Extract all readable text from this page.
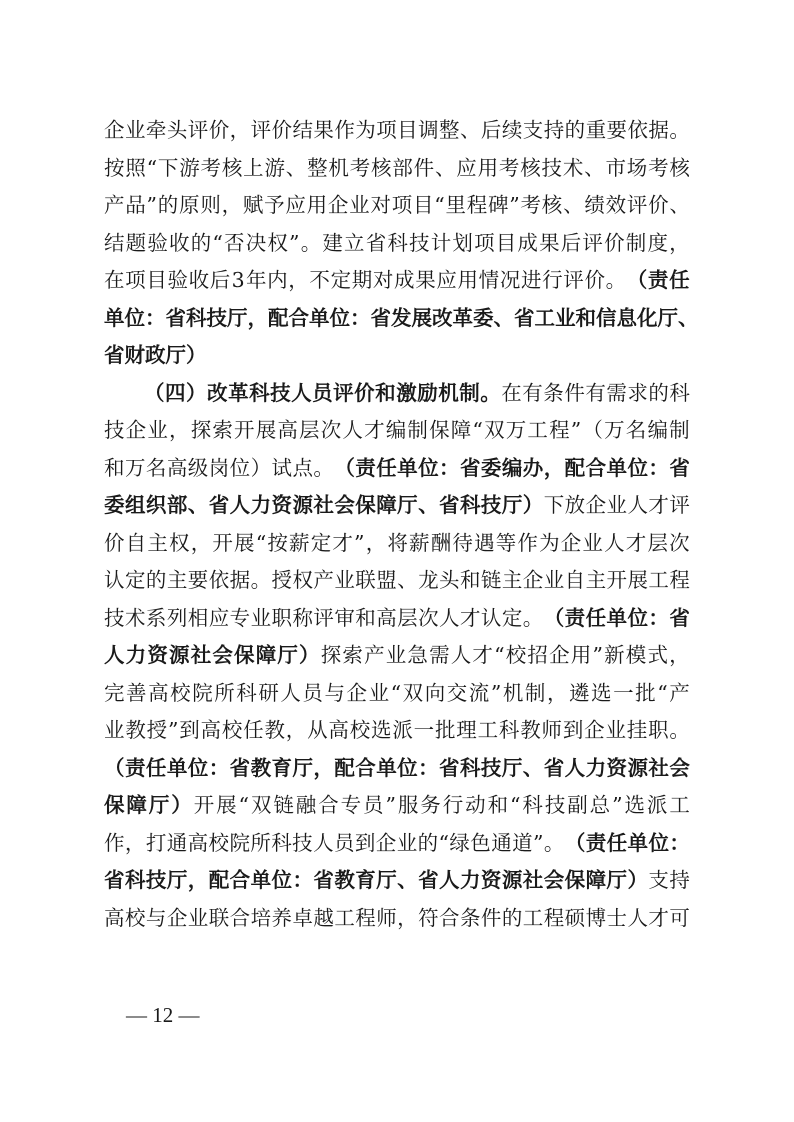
企 业 牵 头 评 价 ， 评 价 结 果 作 为 项 目 调 整 、 后 续 支 持 的 重 要 依 据 。
按 照 “ 下 游 考 核 上 游 、 整 机 考 核 部 件 、 应 用 考 核 技 术 、 市 场 考 核
产 品 ” 的 原 则 ， 赋 予 应 用 企 业 对 项 目 “ 里 程 碑 ” 考 核 、 绩 效 评 价 、
结 题 验 收 的 “ 否 决 权 ” 。 建 立 省 科 技 计 划 项 目 成 果 后 评 价 制 度 ，
在 项 目 验 收 后 3 年 内 ， 不 定 期 对 成 果 应 用 情 况 进 行 评 价 。 （ 责 任
单 位 ： 省 科 技 厅 ， 配 合 单 位 ： 省 发 展 改 革 委 、 省 工 业 和 信 息 化 厅 、
省 财 政 厅 ）
（ 四 ） 改 革 科 技 人 员 评 价 和 激 励 机 制 。 在 有 条 件 有 需 求 的 科
技 企 业 ， 探 索 开 展 高 层 次 人 才 编 制 保 障 “ 双 万 工 程 ” （ 万 名 编 制
和 万 名 高 级 岗 位 ） 试 点 。 （ 责 任 单 位 ： 省 委 编 办 ， 配 合 单 位 ： 省
委 组 织 部 、 省 人 力 资 源 社 会 保 障 厅 、 省 科 技 厅 ） 下 放 企 业 人 才 评
价 自 主 权 ， 开 展 “ 按 薪 定 才 ” ， 将 薪 酬 待 遇 等 作 为 企 业 人 才 层 次
认 定 的 主 要 依 据 。 授 权 产 业 联 盟 、 龙 头 和 链 主 企 业 自 主 开 展 工 程
技 术 系 列 相 应 专 业 职 称 评 审 和 高 层 次 人 才 认 定 。 （ 责 任 单 位 ： 省
人 力 资 源 社 会 保 障 厅 ） 探 索 产 业 急 需 人 才 “ 校 招 企 用 ” 新 模 式 ，
完 善 高 校 院 所 科 研 人 员 与 企 业 “ 双 向 交 流 ” 机 制 ， 遴 选 一 批 “ 产
业 教 授 ” 到 高 校 任 教 ， 从 高 校 选 派 一 批 理 工 科 教 师 到 企 业 挂 职 。
（ 责 任 单 位 ： 省 教 育 厅 ， 配 合 单 位 ： 省 科 技 厅 、 省 人 力 资 源 社 会
保 障 厅 ） 开 展 “ 双 链 融 合 专 员 ” 服 务 行 动 和 “ 科 技 副 总 ” 选 派 工
作 ， 打 通 高 校 院 所 科 技 人 员 到 企 业 的 “ 绿 色 通 道 ” 。 （ 责 任 单 位 ：
省 科 技 厅 ， 配 合 单 位 ： 省 教 育 厅 、 省 人 力 资 源 社 会 保 障 厅 ） 支 持
高 校 与 企 业 联 合 培 养 卓 越 工 程 师 ， 符 合 条 件 的 工 程 硕 博 士 人 才 可
— 12 —
